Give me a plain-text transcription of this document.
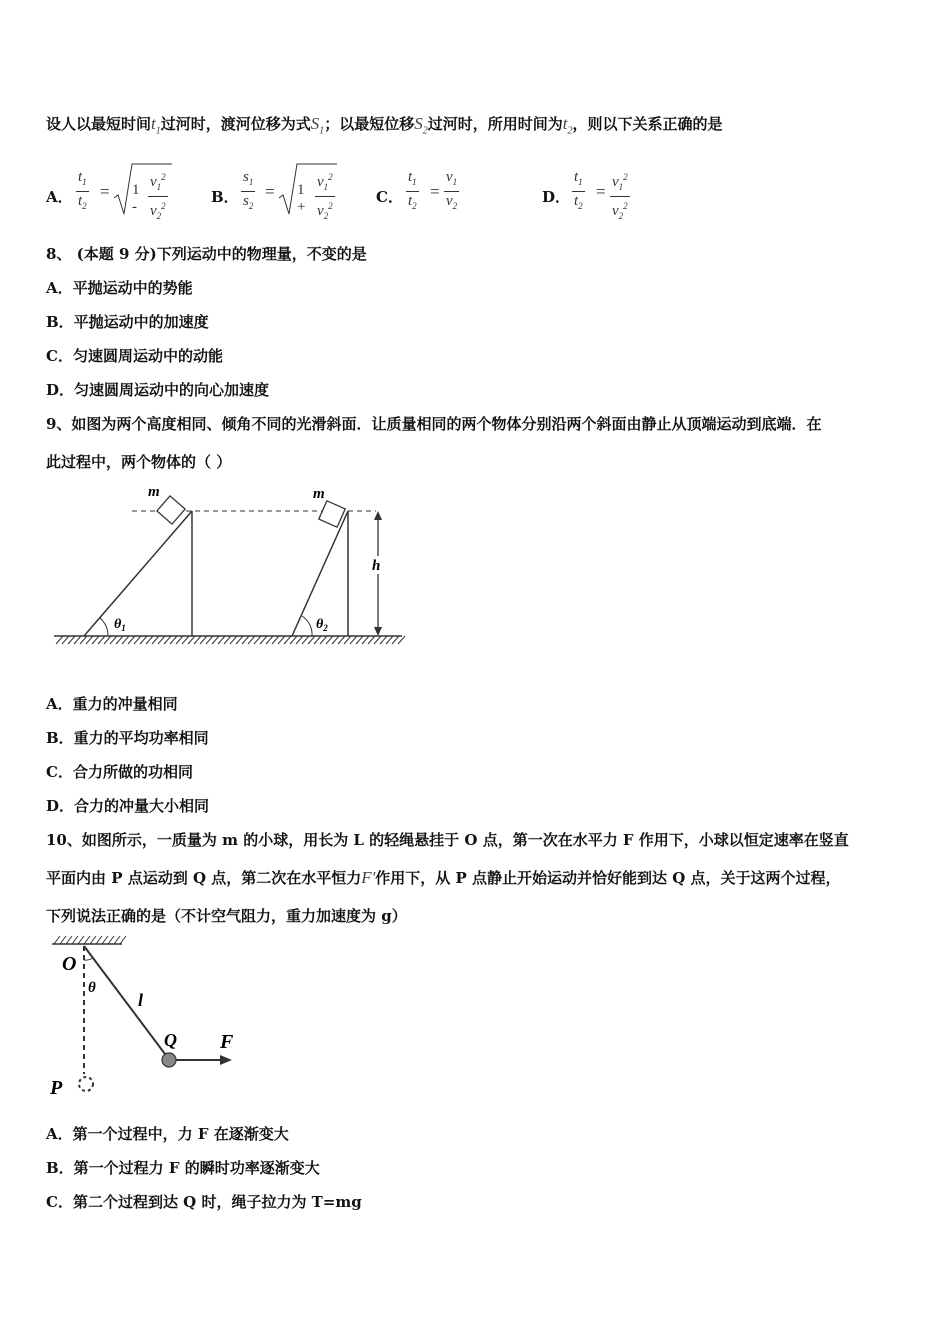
设人以最短时间$t_1$过河时，渡河位移为式$S_1$；以最短位移$S_2$过河时，所用时间为$t_2$，则以下关系正确的是
A． $\frac{t_1}{t_2} = 1 - \frac{v_1^2}{v_2^2}$	B． $\frac{s_1}{s_2} = 1 + \frac{v_1^2}{v_2^2}$	C． $\frac{t_1}{t_2} = \frac{v_1}{v_2}$	D． $\frac{t_1}{t_2} = \frac{v_1^2}{v_2^2}$
8、 (本题 9 分)下列运动中的物理量，不变的是
A．平抛运动中的势能
B．平抛运动中的加速度
C．匀速圆周运动中的动能
D．匀速圆周运动中的向心加速度
9、如图为两个高度相同、倾角不同的光滑斜面．让质量相同的两个物体分别沿两个斜面由静止从顶端运动到底端．在
此过程中，两个物体的（ ）
m
$\theta_1$
m
$\theta_2$
h
A．重力的冲量相同
B．重力的平均功率相同
C．合力所做的功相同
D．合力的冲量大小相同
10、如图所示，一质量为 m 的小球，用长为 L 的轻绳悬挂于 O 点，第一次在水平力 F 作用下，小球以恒定速率在竖直
平面内由 P 点运动到 Q 点，第二次在水平恒力F'作用下，从 P 点静止开始运动并恰好能到达 Q 点，关于这两个过程，
下列说法正确的是（不计空气阻力，重力加速度为 g）
O
θ
l
Q F
P
A．第一个过程中，力 F 在逐渐变大
B．第一个过程力 F 的瞬时功率逐渐变大
C．第二个过程到达 Q 时，绳子拉力为 T=mg
